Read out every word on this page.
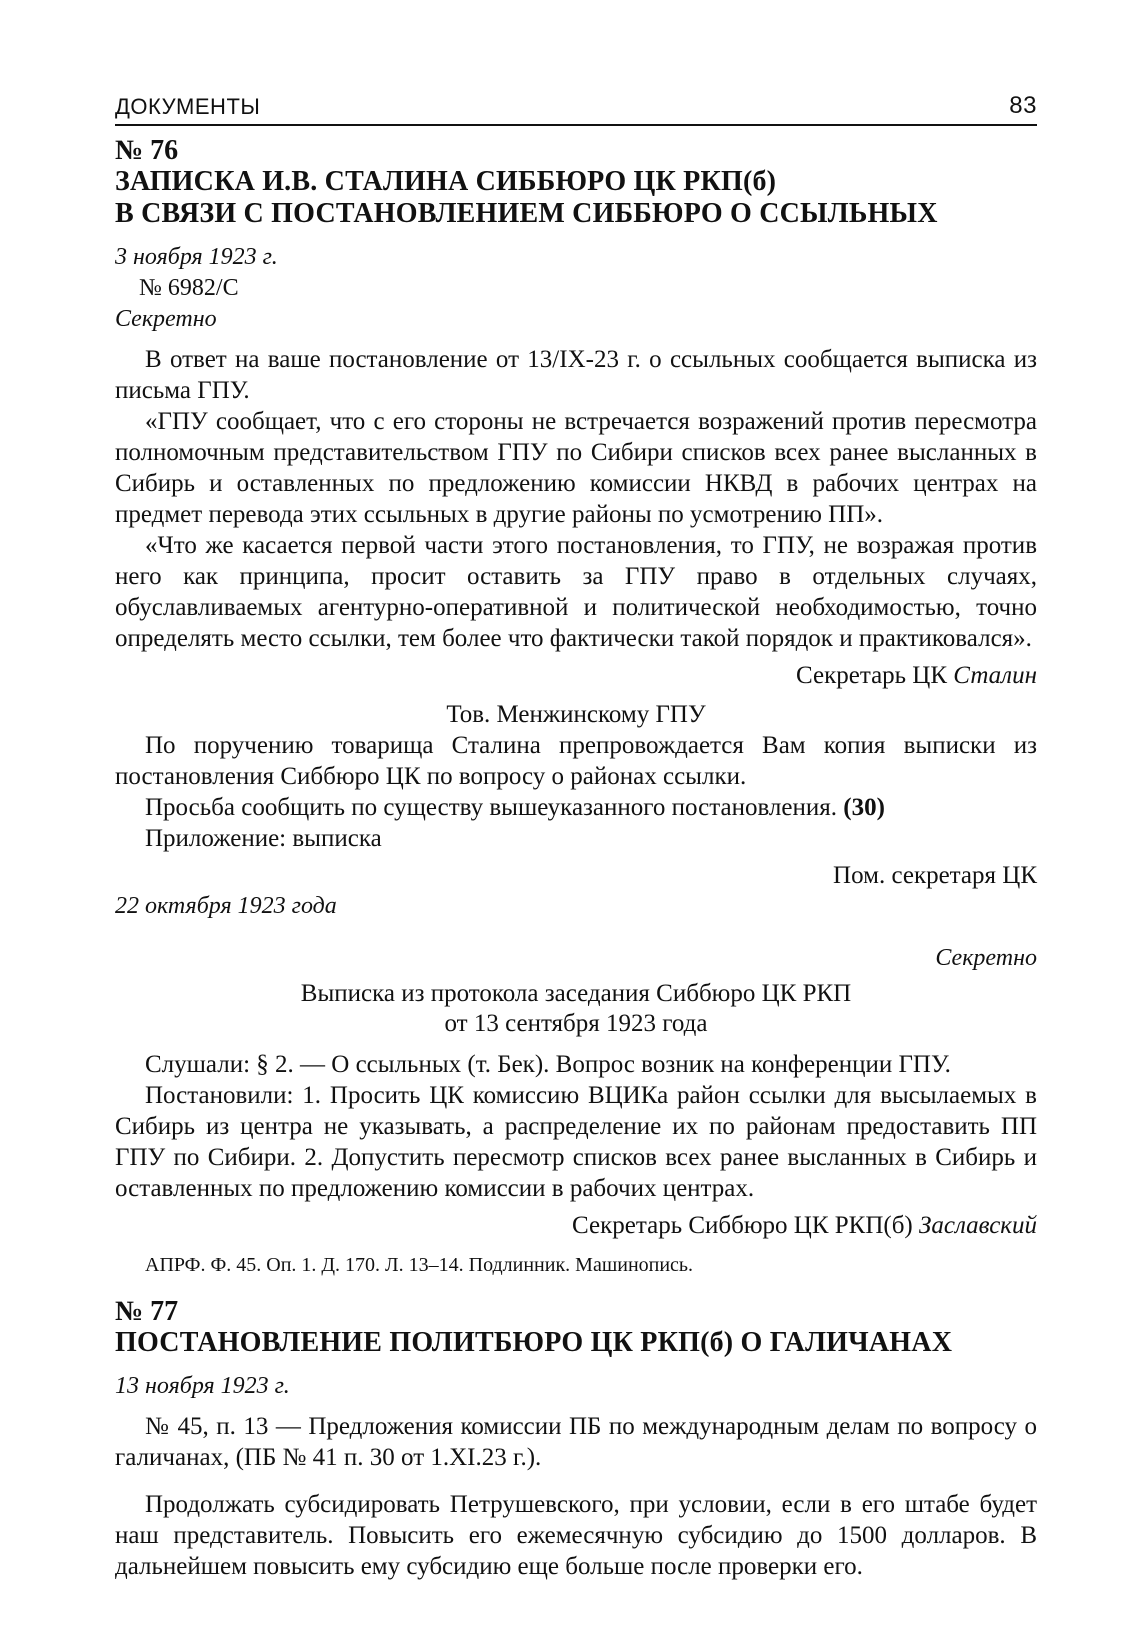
ДОКУМЕНТЫ	83
№ 76
ЗАПИСКА И.В. СТАЛИНА СИББЮРО ЦК РКП(б)
В СВЯЗИ С ПОСТАНОВЛЕНИЕМ СИББЮРО О ССЫЛЬНЫХ
3 ноября 1923 г.
№ 6982/С
Секретно

В ответ на ваше постановление от 13/IX-23 г. о ссыльных сообщается выписка из письма ГПУ.

«ГПУ сообщает, что с его стороны не встречается возражений против пересмотра полномочным представительством ГПУ по Сибири списков всех ранее высланных в Сибирь и оставленных по предложению комиссии НКВД в рабочих центрах на предмет перевода этих ссыльных в другие районы по усмотрению ПП».

«Что же касается первой части этого постановления, то ГПУ, не возражая против него как принципа, просит оставить за ГПУ право в отдельных случаях, обуславливаемых агентурно-оперативной и политической необходимостью, точно определять место ссылки, тем более что фактически такой порядок и практиковался».

Секретарь ЦК Сталин
Тов. Менжинскому ГПУ

По поручению товарища Сталина препровождается Вам копия выписки из постановления Сиббюро ЦК по вопросу о районах ссылки.

Просьба сообщить по существу вышеуказанного постановления. (30)
Приложение: выписка
Пом. секретаря ЦК
22 октября 1923 года
Секретно
Выписка из протокола заседания Сиббюро ЦК РКП
от 13 сентября 1923 года

Слушали: § 2. — О ссыльных (т. Бек). Вопрос возник на конференции ГПУ.

Постановили: 1. Просить ЦК комиссию ВЦИКа район ссылки для высылаемых в Сибирь из центра не указывать, а распределение их по районам предоставить ПП ГПУ по Сибири. 2. Допустить пересмотр списков всех ранее высланных в Сибирь и оставленных по предложению комиссии в рабочих центрах.

Секретарь Сиббюро ЦК РКП(б) Заславский
АПРФ. Ф. 45. Оп. 1. Д. 170. Л. 13–14. Подлинник. Машинопись.
№ 77
ПОСТАНОВЛЕНИЕ ПОЛИТБЮРО ЦК РКП(б) О ГАЛИЧАНАХ
13 ноября 1923 г.

№ 45, п. 13 — Предложения комиссии ПБ по международным делам по вопросу о галичанах, (ПБ № 41 п. 30 от 1.XI.23 г.).

Продолжать субсидировать Петрушевского, при условии, если в его штабе будет наш представитель. Повысить его ежемесячную субсидию до 1500 долларов. В дальнейшем повысить ему субсидию еще больше после проверки его.
